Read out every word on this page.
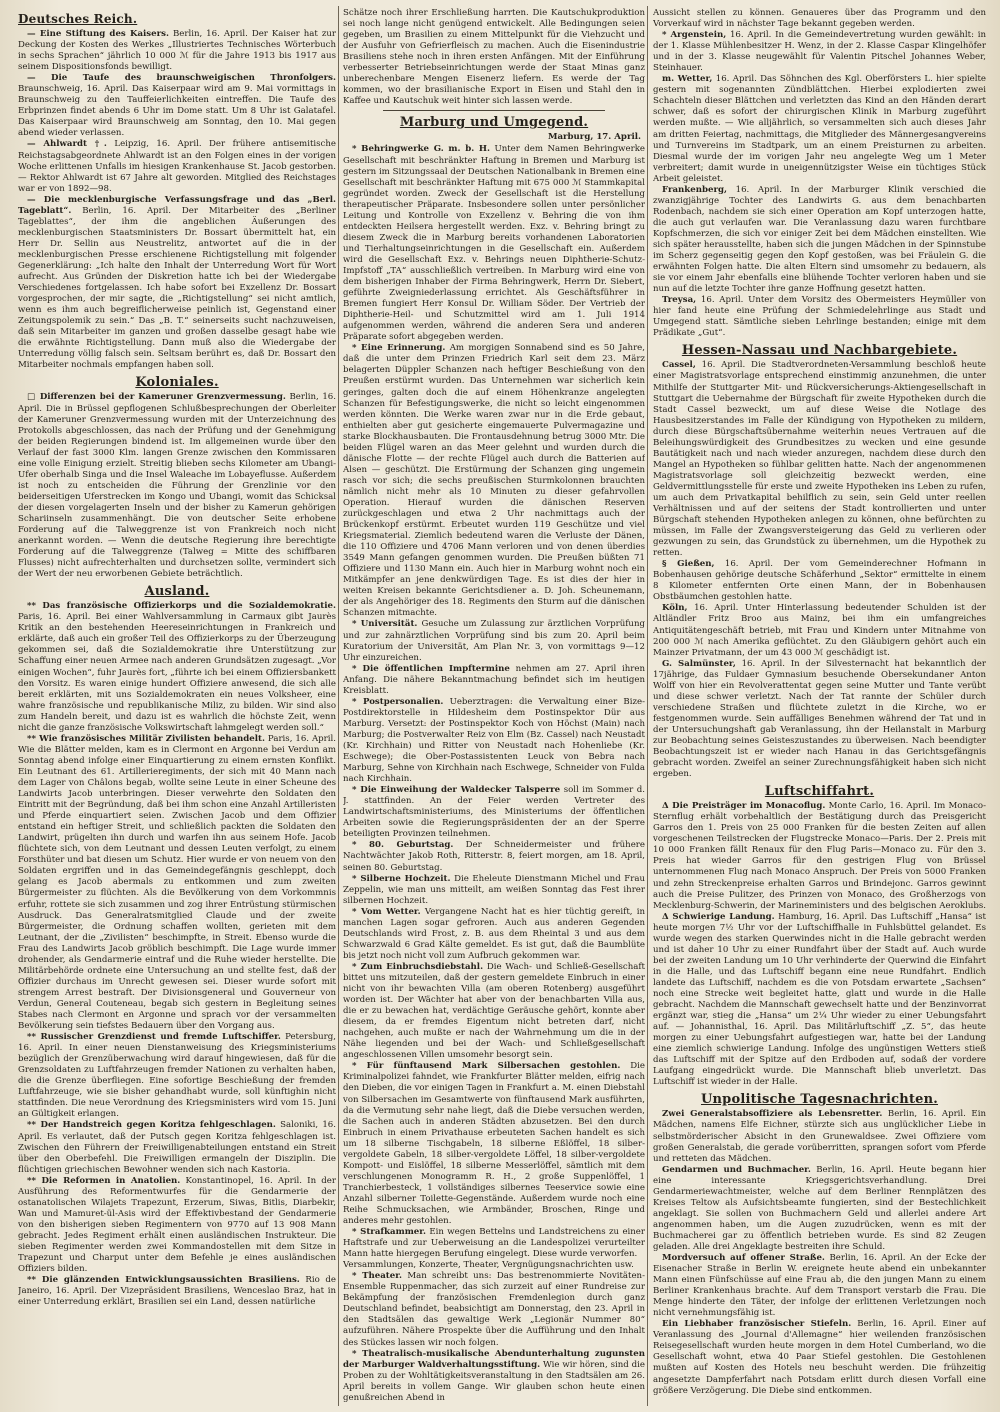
Deutsches Reich.

— Eine Stiftung des Kaisers. Berlin, 16. April. Der Kaiser hat zur Deckung der Kosten des Werkes „Illustriertes Technisches Wörterbuch in sechs Sprachen“ jährlich 10 000 ℳ für die Jahre 1913 bis 1917 aus seinem Dispositionsfonds bewilligt.

— Die Taufe des braunschweigischen Thronfolgers. Braunschweig, 16. April. Das Kaiserpaar wird am 9. Mai vormittags in Braunschweig zu den Tauffeierlichkeiten eintreffen. Die Taufe des Erbprinzen findet abends 6 Uhr im Dome statt. Um 8 Uhr ist Galatafel. Das Kaiserpaar wird Braunschweig am Sonntag, den 10. Mai gegen abend wieder verlassen.

— Ahlwardt †. Leipzig, 16. April. Der frühere antisemitische Reichstagsabgeordnete Ahlwardt ist an den Folgen eines in der vorigen Woche erlittenen Unfalls im hiesigen Krankenhause St. Jacob gestorben. — Rektor Ahlwardt ist 67 Jahre alt geworden. Mitglied des Reichstages war er von 1892—98.

— Die mecklenburgische Verfassungsfrage und das „Berl. Tageblatt“. Berlin, 16. April. Der Mitarbeiter des „Berliner Tageblattes“, der ihm die angeblichen Äußerungen des mecklenburgischen Staatsministers Dr. Bossart übermittelt hat, ein Herr Dr. Sellin aus Neustrelitz, antwortet auf die in der mecklenburgischen Presse erschienene Richtigstellung mit folgender Gegenerklärung: „Ich halte den Inhalt der Unterredung Wort für Wort aufrecht. Aus Gründen der Diskretion hatte ich bei der Wiedergabe Verschiedenes fortgelassen. Ich habe sofort bei Exzellenz Dr. Bossart vorgesprochen, der mir sagte, die „Richtigstellung“ sei nicht amtlich, wenn es ihm auch begreiflicherweise peinlich ist, Gegenstand einer Zeitungspolemik zu sein.“ Das „B. T.“ seinerseits sucht nachzuweisen, daß sein Mitarbeiter im ganzen und großen dasselbe gesagt habe wie die erwähnte Richtigstellung. Dann muß also die Wiedergabe der Unterredung völlig falsch sein. Seltsam berührt es, daß Dr. Bossart den Mitarbeiter nochmals empfangen haben soll.

Koloniales.

□ Differenzen bei der Kameruner Grenzvermessung. Berlin, 16. April. Die in Brüssel gepflogenen Schlußbesprechungen der Oberleiter der Kameruner Grenzvermessung wurden mit der Unterzeichnung des Protokolls abgeschlossen, das nach der Prüfung und der Genehmigung der beiden Regierungen bindend ist. Im allgemeinen wurde über den Verlauf der fast 3000 Klm. langen Grenze zwischen den Kommissaren eine volle Einigung erzielt. Streitig blieben sechs Kilometer am Ubangi-Ufer oberhalb Singa und die Insel Waleache im Lobayeflusse. Außerdem ist noch zu entscheiden die Führung der Grenzlinie vor den beiderseitigen Uferstrecken im Kongo und Ubangi, womit das Schicksal der diesen vorgelagerten Inseln und der bisher zu Kamerun gehörigen Schariinseln zusammenhängt. Die von deutscher Seite erhobene Forderung auf die Talweggrenze ist von Frankreich noch nicht anerkannt worden. — Wenn die deutsche Regierung ihre berechtigte Forderung auf die Talweggrenze (Talweg = Mitte des schiffbaren Flusses) nicht aufrechterhalten und durchsetzen sollte, vermindert sich der Wert der neu erworbenen Gebiete beträchtlich.

Ausland.

** Das französische Offizierkorps und die Sozialdemokratie. Paris, 16. April. Bei einer Wahlversammlung in Carmaux gibt Jaurès Kritik an den bestehenden Heereseinrichtungen in Frankreich und erklärte, daß auch ein großer Teil des Offizierkorps zu der Überzeugung gekommen sei, daß die Sozialdemokratie ihre Unterstützung zur Schaffung einer neuen Armee nach anderen Grundsätzen zugesagt. „Vor einigen Wochen“, fuhr Jaurès fort, „führte ich bei einem Offiziersbankett den Vorsitz. Es waren einige hundert Offiziere anwesend, die sich alle bereit erklärten, mit uns Sozialdemokraten ein neues Volksheer, eine wahre französische und republikanische Miliz, zu bilden. Wir sind also zum Handeln bereit, und dazu ist es wahrlich die höchste Zeit, wenn nicht die ganze französische Volkswirtschaft lahmgelegt werden soll.“

** Wie französisches Militär Zivilisten behandelt. Paris, 16. April. Wie die Blätter melden, kam es in Clermont en Argonne bei Verdun am Sonntag abend infolge einer Einquartierung zu einem ernsten Konflikt. Ein Leutnant des 61. Artillerieregiments, der sich mit 40 Mann nach dem Lager von Châlons begab, wollte seine Leute in einer Scheune des Landwirts Jacob unterbringen. Dieser verwehrte den Soldaten den Eintritt mit der Begründung, daß bei ihm schon eine Anzahl Artilleristen und Pferde einquartiert seien. Zwischen Jacob und dem Offizier entstand ein heftiger Streit, und schließlich packten die Soldaten den Landwirt, prügelten ihn durch und warfen ihn aus seinem Hofe. Jacob flüchtete sich, von dem Leutnant und dessen Leuten verfolgt, zu einem Forsthüter und bat diesen um Schutz. Hier wurde er von neuem von den Soldaten ergriffen und in das Gemeindegefängnis geschleppt, doch gelang es Jacob abermals zu entkommen und zum zweiten Bürgermeister zu flüchten. Als die Bevölkerung von dem Vorkommnis erfuhr, rottete sie sich zusammen und zog ihrer Entrüstung stürmischen Ausdruck. Das Generalratsmitglied Claude und der zweite Bürgermeister, die Ordnung schaffen wollten, gerieten mit dem Leutnant, der die „Zivilisten“ beschimpfte, in Streit. Ebenso wurde die Frau des Landwirts Jacob gröblich beschimpft. Die Lage wurde immer drohender, als Gendarmerie eintraf und die Ruhe wieder herstellte. Die Militärbehörde ordnete eine Untersuchung an und stellte fest, daß der Offizier durchaus im Unrecht gewesen sei. Dieser wurde sofort mit strengem Arrest bestraft. Der Divisionsgeneral und Gouverneur von Verdun, General Couteneau, begab sich gestern in Begleitung seines Stabes nach Clermont en Argonne und sprach vor der versammelten Bevölkerung sein tiefstes Bedauern über den Vorgang aus.

** Russischer Grenzdienst und fremde Luftschiffer. Petersburg, 16. April. In einer neuen Dienstanweisung des Kriegsministeriums bezüglich der Grenzüberwachung wird darauf hingewiesen, daß für die Grenzsoldaten zu Luftfahrzeugen fremder Nationen zu verhalten haben, die die Grenze überfliegen. Eine sofortige Beschießung der fremden Luftfahrzeuge, wie sie bisher gehandhabt wurde, soll künftighin nicht stattfinden. Die neue Verordnung des Kriegsministers wird vom 15. Juni an Gültigkeit erlangen.

** Der Handstreich gegen Koritza fehlgeschlagen. Saloniki, 16. April. Es verlautet, daß der Putsch gegen Koritza fehlgeschlagen ist. Zwischen den Führern der Freiwilligenabteilungen entstand ein Streit über den Oberbefehl. Die Freiwilligen ermangeln der Disziplin. Die flüchtigen griechischen Bewohner wenden sich nach Kastoria.

** Die Reformen in Anatolien. Konstantinopel, 16. April. In der Ausführung des Reformentwurfes für die Gendarmerie der ostanatolischen Wilajets Trapezunt, Erzerum, Siwas, Bitlis, Diarbekir, Wan und Mamuret-ül-Asis wird der Effektivbestand der Gendarmerie von den bisherigen sieben Regimentern von 9770 auf 13 908 Mann gebracht. Jedes Regiment erhält einen ausländischen Instrukteur. Die sieben Regimenter werden zwei Kommandostellen mit dem Sitze in Trapezunt und Charput unter dem Befehle je eines ausländischen Offiziers bilden.

** Die glänzenden Entwicklungsaussichten Brasiliens. Rio de Janeiro, 16. April. Der Vizepräsident Brasiliens, Wenceslao Braz, hat in einer Unterredung erklärt, Brasilien sei ein Land, dessen natürliche

Schätze noch ihrer Erschließung harrten. Die Kautschukproduktion sei noch lange nicht genügend entwickelt. Alle Bedingungen seien gegeben, um Brasilien zu einem Mittelpunkt für die Viehzucht und der Ausfuhr von Gefrierfleisch zu machen. Auch die Eisenindustrie Brasiliens stehe noch in ihren ersten Anfängen. Mit der Einführung verbesserter Betriebseinrichtungen werde der Staat Minas ganz unberechenbare Mengen Eisenerz liefern. Es werde der Tag kommen, wo der brasilianische Export in Eisen und Stahl den in Kaffee und Kautschuk weit hinter sich lassen werde.

Marburg und Umgegend.
Marburg, 17. April.

* Behringwerke G. m. b. H. Unter dem Namen Behringwerke Gesellschaft mit beschränkter Haftung in Bremen und Marburg ist gestern im Sitzungssaal der Deutschen Nationalbank in Bremen eine Gesellschaft mit beschränkter Haftung mit 675 000 ℳ Stammkapital gegründet worden. Zweck der Gesellschaft ist die Herstellung therapeutischer Präparate. Insbesondere sollen unter persönlicher Leitung und Kontrolle von Exzellenz v. Behring die von ihm entdeckten Heilsera hergestellt werden. Exz. v. Behring bringt zu diesem Zweck die in Marburg bereits vorhandenen Laboratorien und Tierhaltungseinrichtungen in die Gesellschaft ein. Außerdem wird die Gesellschaft Exz. v. Behrings neuen Diphtherie-Schutz-Impfstoff „TA“ ausschließlich vertreiben. In Marburg wird eine von dem bisherigen Inhaber der Firma Behringwerk, Herrn Dr. Siebert, geführte Zweigniederlassung errichtet. Als Geschäftsführer in Bremen fungiert Herr Konsul Dr. William Söder. Der Vertrieb der Diphtherie-Heil- und Schutzmittel wird am 1. Juli 1914 aufgenommen werden, während die anderen Sera und anderen Präparate sofort abgegeben werden.

* Eine Erinnerung. Am morgigen Sonnabend sind es 50 Jahre, daß die unter dem Prinzen Friedrich Karl seit dem 23. März belagerten Düppler Schanzen nach heftiger Beschießung von den Preußen erstürmt wurden. Das Unternehmen war sicherlich kein geringes, galten doch die auf einem Höhenkranze angelegten Schanzen für Befestigungswerke, die nicht so leicht eingenommen werden könnten. Die Werke waren zwar nur in die Erde gebaut, enthielten aber gut gesicherte eingemauerte Pulvermagazine und starke Blockhausbauten. Die Frontausdehnung betrug 3000 Mtr. Die beiden Flügel waren an das Meer gelehnt und wurden durch die dänische Flotte — der rechte Flügel auch durch die Batterien auf Alsen — geschützt. Die Erstürmung der Schanzen ging ungemein rasch vor sich; die sechs preußischen Sturmkolonnen brauchten nämlich nicht mehr als 10 Minuten zu dieser gefahrvollen Operation. Hierauf wurden die dänischen Reserven zurückgeschlagen und etwa 2 Uhr nachmittags auch der Brückenkopf erstürmt. Erbeutet wurden 119 Geschütze und viel Kriegsmaterial. Ziemlich bedeutend waren die Verluste der Dänen, die 110 Offiziere und 4706 Mann verloren und von denen überdies 3549 Mann gefangen genommen wurden. Die Preußen büßten 71 Offiziere und 1130 Mann ein. Auch hier in Marburg wohnt noch ein Mitkämpfer an jene denkwürdigen Tage. Es ist dies der hier in weiten Kreisen bekannte Gerichtsdiener a. D. Joh. Scheunemann, der als Angehöriger des 18. Regiments den Sturm auf die dänischen Schanzen mitmachte.

* Universität. Gesuche um Zulassung zur ärztlichen Vorprüfung und zur zahnärztlichen Vorprüfung sind bis zum 20. April beim Kuratorium der Universität, Am Plan Nr. 3, von vormittags 9—12 Uhr einzureichen.

* Die öffentlichen Impftermine nehmen am 27. April ihren Anfang. Die nähere Bekanntmachung befindet sich im heutigen Kreisblatt.

* Postpersonalien. Ueberztragen: die Verwaltung einer Bize-Postdirektorstelle in Hildesheim dem Postinspektor Dür aus Marburg. Versetzt: der Postinspektor Koch von Höchst (Main) nach Marburg; die Postverwalter Reiz von Elm (Bz. Cassel) nach Neustadt (Kr. Kirchhain) und Ritter von Neustadt nach Hohenliebe (Kr. Eschwege); die Ober-Postassistenten Leuck von Bebra nach Marburg, Sehne von Kirchhain nach Eschwege, Schneider von Fulda nach Kirchhain.

* Die Einweihung der Waldecker Talsperre soll im Sommer d. J. stattfinden. An der Feier werden Vertreter des Landwirtschaftsministeriums, des Ministeriums der öffentlichen Arbeiten sowie die Regierungspräsidenten der an der Sperre beteiligten Provinzen teilnehmen.

* 80. Geburtstag. Der Schneidermeister und frühere Nachtwächter Jakob Roth, Ritterstr. 8, feiert morgen, am 18. April, seinen 80. Geburtstag.

* Silberne Hochzeit. Die Eheleute Dienstmann Michel und Frau Zeppelin, wie man uns mitteilt, am weißen Sonntag das Fest ihrer silbernen Hochzeit.

* Vom Wetter. Vergangene Nacht hat es hier tüchtig gereift, in manchen Lagen sogar gefroren. Auch aus anderen Gegenden Deutschlands wird Frost, z. B. aus dem Rheintal 3 und aus dem Schwarzwald 6 Grad Kälte gemeldet. Es ist gut, daß die Baumblüte bis jetzt noch nicht voll zum Aufbruch gekommen war.

* Zum Einbruchsdiebstahl. Die Wach- und Schließ-Gesellschaft bittet uns mitzuteilen, daß der gestern gemeldete Einbruch in einer nicht von ihr bewachten Villa (am oberen Rotenberg) ausgeführt worden ist. Der Wächter hat aber von der benachbarten Villa aus, die er zu bewachen hat, verdächtige Geräusche gehört, konnte aber diesem, da er fremdes Eigentum nicht betreten darf, nicht nachgehen, auch mußte er nach der Wahrnehmung um die in der Nähe liegenden und bei der Wach- und Schließgesellschaft angeschlossenen Villen umsomehr besorgt sein.

* Für fünftausend Mark Silbersachen gestohlen. Die Kriminalpolizei fahndet, wie Frankfurter Blätter melden, eifrig nach den Dieben, die vor einigen Tagen in Frankfurt a. M. einen Diebstahl von Silbersachen im Gesamtwerte von fünftausend Mark ausführten, da die Vermutung sehr nahe liegt, daß die Diebe versuchen werden, die Sachen auch in anderen Städten abzusetzen. Bei den durch Einbruch in einem Privathause erbeuteten Sachen handelt es sich um 18 silberne Tischgabeln, 18 silberne Eßlöffel, 18 silber-vergoldete Gabeln, 18 silber-vergoldete Löffel, 18 silber-vergoldete Kompott- und Eislöffel, 18 silberne Messerlöffel, sämtlich mit dem verschlungenen Monogramm R. H., 2 große Suppenlöffel, 1 Tranchierbesteck, 1 vollständiges silbernes Teeservice sowie eine Anzahl silberner Toilette-Gegenstände. Außerdem wurde noch eine Reihe Schmucksachen, wie Armbänder, Broschen, Ringe und anderes mehr gestohlen.

* Strafkammer. Ein wegen Bettelns und Landstreichens zu einer Haftstrafe und zur Ueberweisung an die Landespolizei verurteilter Mann hatte hiergegen Berufung eingelegt. Diese wurde verworfen.

Versammlungen, Konzerte, Theater, Vergnügungsnachrichten usw.

* Theater. Man schreibt uns: Das bestrenommierte Novitäten-Ensemble Ruppenmacher, das sich zurzeit auf einer Rundreise zur Bekämpfung der französischen Fremdenlegion durch ganz Deutschland befindet, beabsichtigt am Donnerstag, den 23. April in den Stadtsälen das gewaltige Werk „Legionär Nummer 80“ aufzuführen. Nähere Prospekte über die Aufführung und den Inhalt des Stückes lassen wir noch folgen.

* Theatralisch-musikalische Abendunterhaltung zugunsten der Marburger Waldverhaltungsstiftung. Wie wir hören, sind die Proben zu der Wohltätigkeitsveranstaltung in den Stadtsälen am 26. April bereits in vollem Gange. Wir glauben schon heute einen genußreichen Abend in

Aussicht stellen zu können. Genaueres über das Programm und den Vorverkauf wird in nächster Tage bekannt gegeben werden.

* Argenstein, 16. April. In die Gemeindevertretung wurden gewählt: in der 1. Klasse Mühlenbesitzer H. Wenz, in der 2. Klasse Caspar Klingelhöfer und in der 3. Klasse neugewählt für Valentin Pitschel Johannes Weber, Steinhauer.

m. Wetter, 16. April. Das Söhnchen des Kgl. Oberförsters L. hier spielte gestern mit sogenannten Zündblättchen. Hierbei explodierten zwei Schachteln dieser Blättchen und verletzten das Kind an den Händen derart schwer, daß es sofort der chirurgischen Klinik in Marburg zugeführt werden mußte. — Wie alljährlich, so versammelten sich auch dieses Jahr am dritten Feiertag, nachmittags, die Mitglieder des Männergesangvereins und Turnvereins im Stadtpark, um an einem Preisturnen zu arbeiten. Diesmal wurde der im vorigen Jahr neu angelegte Weg um 1 Meter verbreitert; damit wurde in uneigennützigster Weise ein tüchtiges Stück Arbeit geleistet.

Frankenberg, 16. April. In der Marburger Klinik verschied die zwanzigjährige Tochter des Landwirts G. aus dem benachbarten Rodenbach, nachdem sie sich einer Operation am Kopf unterzogen hatte, die auch gut verlaufen war. Die Veranlassung dazu waren furchtbare Kopfschmerzen, die sich vor einiger Zeit bei dem Mädchen einstellten. Wie sich später herausstellte, haben sich die jungen Mädchen in der Spinnstube im Scherz gegenseitig gegen den Kopf gestoßen, was bei Fräulein G. die erwähnten Folgen hatte. Die alten Eltern sind umsomehr zu bedauern, als sie vor einem Jahr ebenfalls eine blühende Tochter verloren haben und sie nun auf die letzte Tochter ihre ganze Hoffnung gesetzt hatten.

Treysa, 16. April. Unter dem Vorsitz des Obermeisters Heymüller von hier fand heute eine Prüfung der Schmiedelehrlinge aus Stadt und Umgegend statt. Sämtliche sieben Lehrlinge bestanden; einige mit dem Prädikate „Gut“.

Hessen-Nassau und Nachbargebiete.

Cassel, 16. April. Die Stadtverordneten-Versammlung beschloß heute einer Magistratsvorlage entsprechend einstimmig anzunehmen, die unter Mithilfe der Stuttgarter Mit- und Rückversicherungs-Aktiengesellschaft in Stuttgart die Uebernahme der Bürgschaft für zweite Hypotheken durch die Stadt Cassel bezweckt, um auf diese Weise die Notlage des Hausbesitzerstandes im Falle der Kündigung von Hypotheken zu mildern, durch diese Bürgschaftsübernahme weiterhin neues Vertrauen auf die Beleihungswürdigkeit des Grundbesitzes zu wecken und eine gesunde Bautätigkeit nach und nach wieder anzuregen, nachdem diese durch den Mangel an Hypotheken so fühlbar gelitten hatte. Nach der angenommenen Magistratsvorlage soll gleichzeitig bezweckt werden, eine Geldvermittlungsstelle für erste und zweite Hypotheken ins Leben zu rufen, um auch dem Privatkapital behilflich zu sein, sein Geld unter reellen Verhältnissen und auf der seitens der Stadt kontrollierten und unter Bürgschaft stehenden Hypotheken anlegen zu können, ohne befürchten zu müssen, im Falle der Zwangsversteigerung das Geld zu verlieren oder gezwungen zu sein, das Grundstück zu übernehmen, um die Hypothek zu retten.

§ Gießen, 16. April. Der vom Gemeinderechner Hofmann in Bobenhausen gehörige deutsche Schäferhund „Sektor“ ermittelte in einem 8 Kilometer entfernten Orte einen Mann, der in Bobenhausen Obstbäumchen gestohlen hatte.

Köln, 16. April. Unter Hinterlassung bedeutender Schulden ist der Altländler Fritz Broo aus Mainz, bei ihm ein umfangreiches Antiquitätengeschäft betrieb, mit Frau und Kindern unter Mitnahme von 200 000 ℳ nach Amerika geflüchtet. Zu den Gläubigern gehört auch ein Mainzer Privatmann, der um 43 000 ℳ geschädigt ist.

G. Salmünster, 16. April. In der Silvesternacht hat bekanntlich der 17jährige, das Fuldaer Gymnasium besuchende Obersekundaner Anton Wolff von hier ein Revolverattentat gegen seine Mutter und Tante verübt und diese schwer verletzt. Nach der Tat rannte der Schüler durch verschiedene Straßen und flüchtete zuletzt in die Kirche, wo er festgenommen wurde. Sein auffälliges Benehmen während der Tat und in der Untersuchungshaft gab Veranlassung, ihn der Heilanstalt in Marburg zur Beobachtung seines Geisteszustandes zu überweisen. Nach beendigter Beobachtungszeit ist er wieder nach Hanau in das Gerichtsgefängnis gebracht worden. Zweifel an seiner Zurechnungsfähigkeit haben sich nicht ergeben.

Luftschiffahrt.

Δ Die Preisträger im Monacoflug. Monte Carlo, 16. April. Im Monaco-Sternflug erhält vorbehaltlich der Bestätigung durch das Preisgericht Garros den 1. Preis von 25 000 Franken für die besten Zeiten auf allen vorgeschenen Teilstrecken der Flugstrecke Monaco—Paris. Der 2. Preis mit 10 000 Franken fällt Renaux für den Flug Paris—Monaco zu. Für den 3. Preis hat wieder Garros für den gestrigen Flug von Brüssel unternommenen Flug nach Monaco Anspruch. Der Preis von 5000 Franken und zehn Streckenpreise erhalten Garros und Brindejonc. Garros gewinnt auch die Preise Pulitzer, des Prinzen von Monaco, des Großherzogs von Mecklenburg-Schwerin, der Marineministers und des belgischen Aeroklubs.

Δ Schwierige Landung. Hamburg, 16. April. Das Luftschiff „Hansa“ ist heute morgen 7½ Uhr vor der Luftschiffhalle in Fuhlsbüttel gelandet. Es wurde wegen des starken Querwindes nicht in die Halle gebracht werden und ist daher 10 Uhr zu einer Rundfahrt über der Stadt auf. Auch wurde bei der zweiten Landung um 10 Uhr verhinderte der Querwind die Einfahrt in die Halle, und das Luftschiff begann eine neue Rundfahrt. Endlich landete das Luftschiff, nachdem es die von Potsdam erwartete „Sachsen“ noch eine Strecke weit begleitet hatte, glatt und wurde in die Halle gebracht. Nachdem die Mannschaft gewechselt hatte und der Benzinvorrat ergänzt war, stieg die „Hansa“ um 2¼ Uhr wieder zu einer Uebungsfahrt auf. — Johannisthal, 16. April. Das Militärluftschiff „Z. 5“, das heute morgen zu einer Uebungsfahrt aufgestiegen war, hatte bei der Landung eine ziemlich schwierige Landung. Infolge des ungünstigen Wetters stieß das Luftschiff mit der Spitze auf den Erdboden auf, sodaß der vordere Laufgang eingedrückt wurde. Die Mannschaft blieb unverletzt. Das Luftschiff ist wieder in der Halle.

Unpolitische Tagesnachrichten.

Zwei Generalstabsoffiziere als Lebensretter. Berlin, 16. April. Ein Mädchen, namens Elfe Eichner, stürzte sich aus unglücklicher Liebe in selbstmörderischer Absicht in den Grunewaldsee. Zwei Offiziere vom großen Generalstab, die gerade vorüberritten, sprangen sofort vom Pferde und retteten das Mädchen.

Gendarmen und Buchmacher. Berlin, 16. April. Heute begann hier eine interessante Kriegsgerichtsverhandlung. Drei Gendarmeriewachtmeister, welche auf dem Berliner Rennplätzen des Kreises Teltow als Aufsichtsbeamte fungierten, sind der Bestechlichkeit angeklagt. Sie sollen von Buchmachern Geld und allerlei andere Art angenommen haben, um die Augen zuzudrücken, wenn es mit der Buchmacherei gar zu öffentlich betrieben wurde. Es sind 82 Zeugen geladen. Alle drei Angeklagte bestreiten ihre Schuld.

Mordversuch auf offener Straße. Berlin, 16. April. An der Ecke der Eisenacher Straße in Berlin W. ereignete heute abend ein unbekannter Mann einen Fünfschüsse auf eine Frau ab, die den jungen Mann zu einem Berliner Krankenhaus brachte. Auf dem Transport verstarb die Frau. Die Menge hinderte den Täter, der infolge der erlittenen Verletzungen noch nicht vernehmungsfähig ist.

Ein Liebhaber französischer Stiefeln. Berlin, 16. April. Einer auf Veranlassung des „Journal d'Allemagne“ hier weilenden französischen Reisegesellschaft wurden heute morgen in dem Hotel Cumberland, wo die Gesellschaft wohnt, etwa 40 Paar Stiefel gestohlen. Die Gestohlenen mußten auf Kosten des Hotels neu beschuht werden. Die frühzeitig angesetzte Dampferfahrt nach Potsdam erlitt durch diesen Vorfall eine größere Verzögerung. Die Diebe sind entkommen.
